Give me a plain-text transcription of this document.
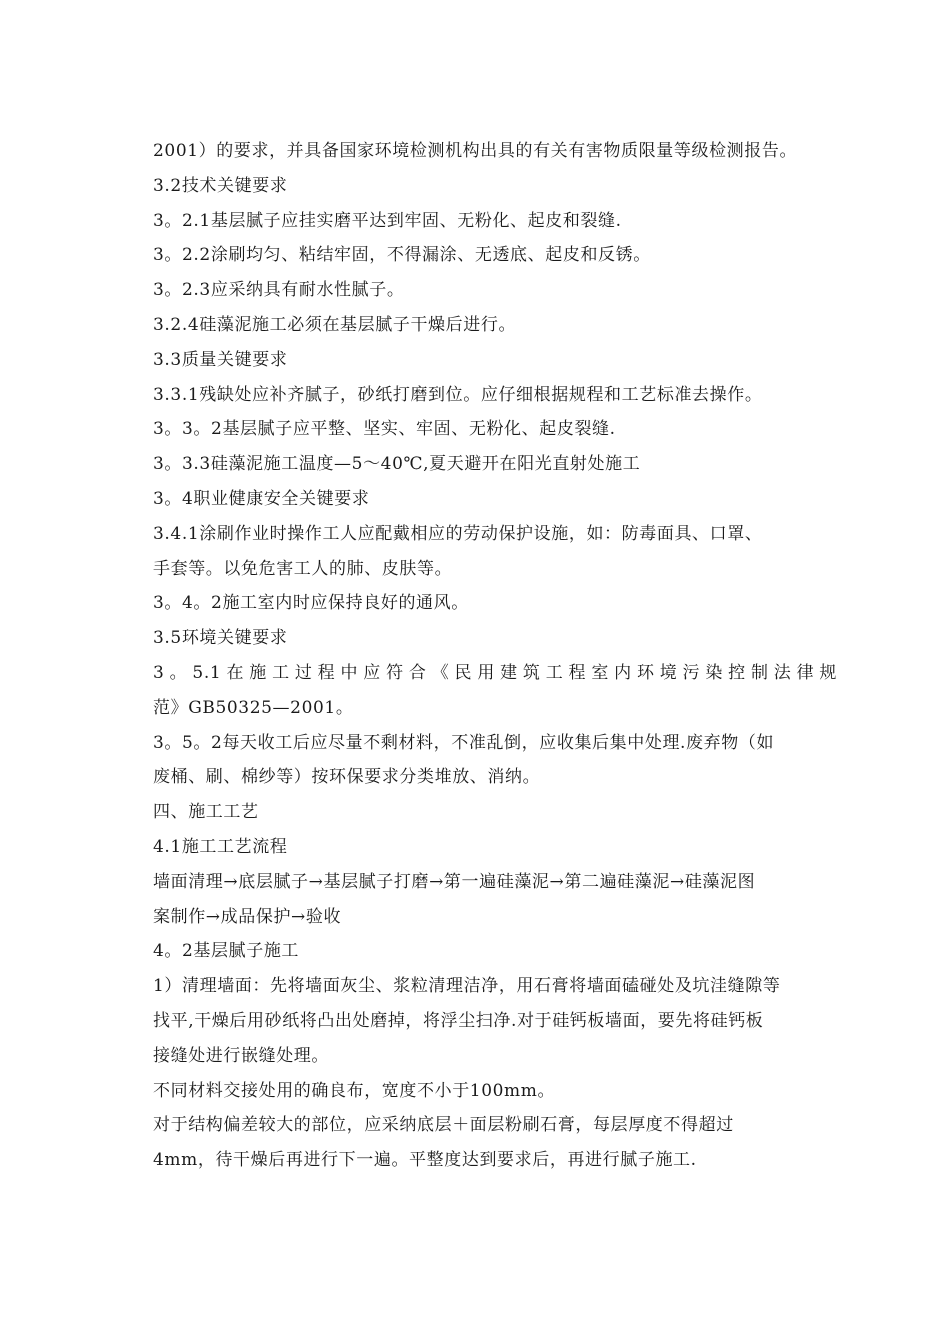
2001）的要求，并具备国家环境检测机构出具的有关有害物质限量等级检测报告。
3.2技术关键要求
3。2.1基层腻子应挂实磨平达到牢固、无粉化、起皮和裂缝.
3。2.2涂刷均匀、粘结牢固，不得漏涂、无透底、起皮和反锈。
3。2.3应采纳具有耐水性腻子。
3.2.4硅藻泥施工必须在基层腻子干燥后进行。
3.3质量关键要求
3.3.1残缺处应补齐腻子，砂纸打磨到位。应仔细根据规程和工艺标准去操作。
3。3。2基层腻子应平整、坚实、牢固、无粉化、起皮裂缝.
3。3.3硅藻泥施工温度—5～40℃,夏天避开在阳光直射处施工
3。4职业健康安全关键要求
3.4.1涂刷作业时操作工人应配戴相应的劳动保护设施，如：防毒面具、口罩、
手套等。以免危害工人的肺、皮肤等。
3。4。2施工室内时应保持良好的通风。
3.5环境关键要求
3。5.1在施工过程中应符合《民用建筑工程室内环境污染控制法律规
范》GB50325—2001。
3。5。2每天收工后应尽量不剩材料，不准乱倒，应收集后集中处理.废弃物（如
废桶、刷、棉纱等）按环保要求分类堆放、消纳。
四、施工工艺
4.1施工工艺流程
墙面清理→底层腻子→基层腻子打磨→第一遍硅藻泥→第二遍硅藻泥→硅藻泥图
案制作→成品保护→验收
4。2基层腻子施工
1）清理墙面：先将墙面灰尘、浆粒清理洁净，用石膏将墙面磕碰处及坑洼缝隙等
找平,干燥后用砂纸将凸出处磨掉，将浮尘扫净.对于硅钙板墙面，要先将硅钙板
接缝处进行嵌缝处理。
不同材料交接处用的确良布，宽度不小于100mm。
对于结构偏差较大的部位，应采纳底层＋面层粉刷石膏，每层厚度不得超过
4mm，待干燥后再进行下一遍。平整度达到要求后，再进行腻子施工.
